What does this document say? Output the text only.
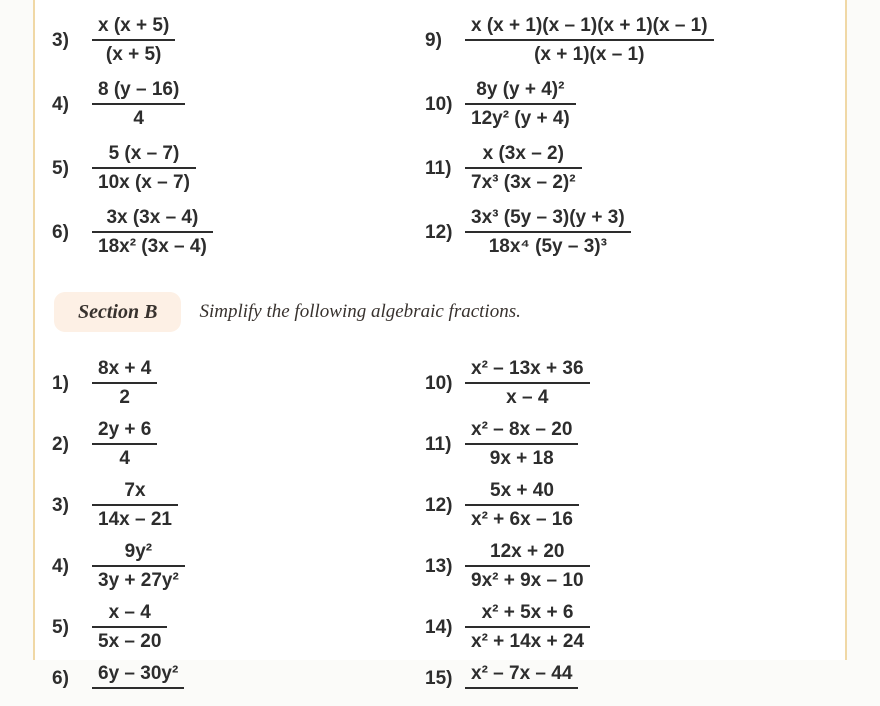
3)	$\frac{x (x + 5)}{(x + 5)}$
4)	$\frac{8 (y - 16)}{4}$
5)	$\frac{5 (x - 7)}{10x (x - 7)}$
6)	$\frac{3x (3x - 4)}{\text{18x² (3x – 4)}}$
9)	$\frac{x (x + 1)(x - 1)(x + 1)(x - 1)}{(x + 1)(x - 1)}$
$10) \frac{\text{8y (y + 4)²}}{\text{12y² (y + 4)}}$
$11) \frac{x (3x - 2)}{\text{7x³ (3x – 2)²}}$
$12) \frac{\text{3x³ (5y – 3)(y + 3)}}{\text{18x⁴ (5y – 3)³}}$
Section B	Simplify the following algebraic fractions.
1)	$\frac{8x + 4}{2}$
2)	$\frac{2y + 6}{4}$
3)	$\frac{7x}{14x - 21}$
4)	$\frac{\text{9y²}}{\text{3y + 27y²}}$
5)	$\frac{x - 4}{5x - 20}$
6)	6y – 30y²
$10) \frac{\text{x² – 13x + 36}}{x - 4}$
$11) \frac{\text{x² – 8x – 20}}{9x + 18}$
$12) \frac{5x + 40}{\text{x² + 6x – 16}}$
$13) \frac{12x + 20}{\text{9x² + 9x – 10}}$
$14) \frac{\text{x² + 5x + 6}}{\text{x² + 14x + 24}}$
15) x² – 7x – 44
